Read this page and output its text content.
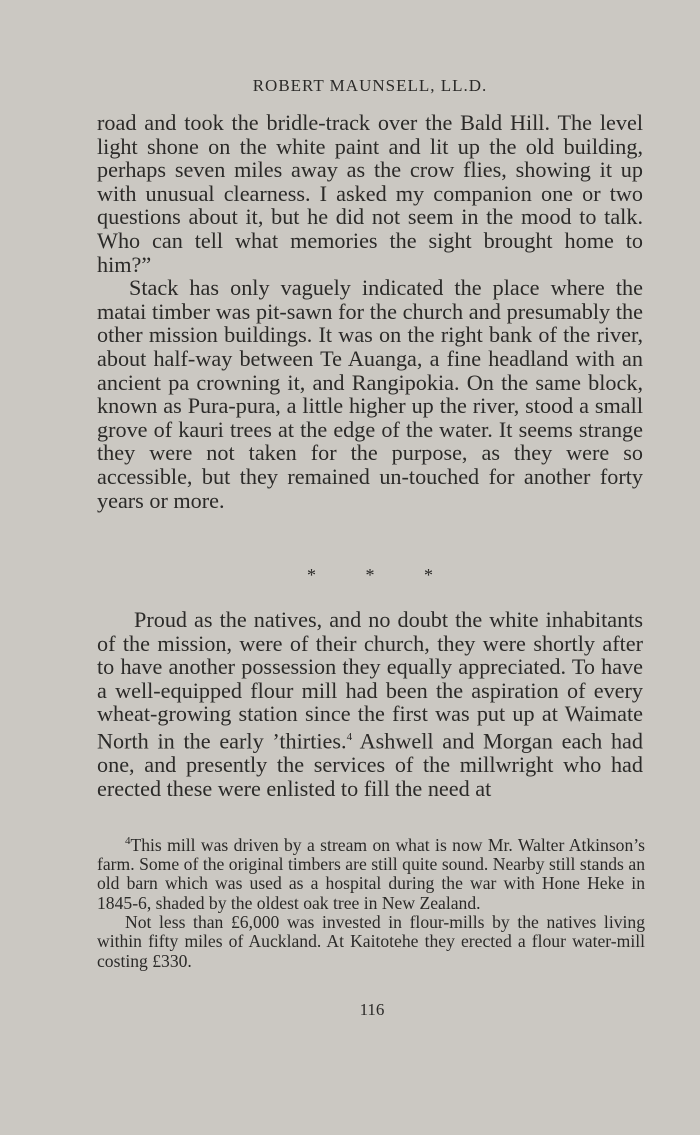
ROBERT MAUNSELL, LL.D.

road and took the bridle-track over the Bald Hill. The level light shone on the white paint and lit up the old building, perhaps seven miles away as the crow flies, showing it up with unusual clearness. I asked my companion one or two questions about it, but he did not seem in the mood to talk. Who can tell what memories the sight brought home to him?”

Stack has only vaguely indicated the place where the matai timber was pit-sawn for the church and presumably the other mission buildings. It was on the right bank of the river, about half-way between Te Auanga, a fine headland with an ancient pa crowning it, and Rangipokia. On the same block, known as Pura-pura, a little higher up the river, stood a small grove of kauri trees at the edge of the water. It seems strange they were not taken for the purpose, as they were so accessible, but they remained un-touched for another forty years or more.

* * *

Proud as the natives, and no doubt the white inhabitants of the mission, were of their church, they were shortly after to have another possession they equally appreciated. To have a well-equipped flour mill had been the aspiration of every wheat-growing station since the first was put up at Waimate North in the early ’thirties.$^4$ Ashwell and Morgan each had one, and presently the services of the millwright who had erected these were enlisted to fill the need at

$^4$This mill was driven by a stream on what is now Mr. Walter Atkinson’s farm. Some of the original timbers are still quite sound. Nearby still stands an old barn which was used as a hospital during the war with Hone Heke in 1845-6, shaded by the oldest oak tree in New Zealand.

Not less than £6,000 was invested in flour-mills by the natives living within fifty miles of Auckland. At Kaitotehe they erected a flour water-mill costing £330.

116
